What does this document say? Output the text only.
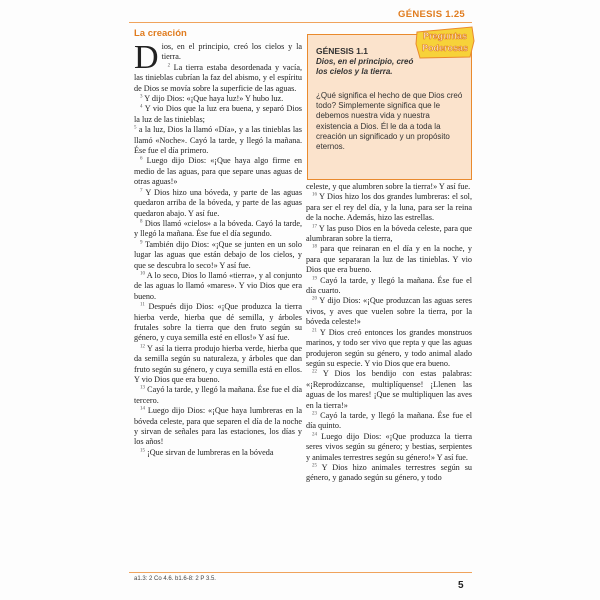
GÉNESIS 1.25
La creación
GÉNESIS 1.1
Dios, en el principio, creó los cielos y la tierra.
¿Qué significa el hecho de que Dios creó todo? Simplemente significa que le debemos nuestra vida y nuestra existencia a Dios. Él le da a toda la creación un significado y un propósito eternos.
Preguntas
Poderosas

Dios, en el principio, creó los cielos y la tierra.

$^2$ La tierra estaba desordenada y vacía, las tinieblas cubrían la faz del abismo, y el espíritu de Dios se movía sobre la superficie de las aguas.

$^3$ Y dijo Dios: «¡Que haya luz!» Y hubo luz.

$^4$ Y vio Dios que la luz era buena, y separó Dios la luz de las tinieblas;

$^5$ a la luz, Dios la llamó «Día», y a las tinieblas las llamó «Noche». Cayó la tarde, y llegó la mañana. Ése fue el día primero.

$^6$ Luego dijo Dios: «¡Que haya algo firme en medio de las aguas, para que separe unas aguas de otras aguas!»

$^7$ Y Dios hizo una bóveda, y parte de las aguas quedaron arriba de la bóveda, y parte de las aguas quedaron abajo. Y así fue.

$^8$ Dios llamó «cielos» a la bóveda. Cayó la tarde, y llegó la mañana. Ése fue el día segundo.

$^9$ También dijo Dios: «¡Que se junten en un solo lugar las aguas que están debajo de los cielos, y que se descubra lo seco!» Y así fue.

$^{10}$ A lo seco, Dios lo llamó «tierra», y al conjunto de las aguas lo llamó «mares». Y vio Dios que era bueno.

$^{11}$ Después dijo Dios: «¡Que produzca la tierra hierba verde, hierba que dé semilla, y árboles frutales sobre la tierra que den fruto según su género, y cuya semilla esté en ellos!» Y así fue.

$^{12}$ Y así la tierra produjo hierba verde, hierba que da semilla según su naturaleza, y árboles que dan fruto según su género, y cuya semilla está en ellos. Y vio Dios que era bueno.

$^{13}$ Cayó la tarde, y llegó la mañana. Ése fue el día tercero.

$^{14}$ Luego dijo Dios: «¡Que haya lumbreras en la bóveda celeste, para que separen el día de la noche y sirvan de señales para las estaciones, los días y los años!

$^{15}$ ¡Que sirvan de lumbreras en la bóveda

celeste, y que alumbren sobre la tierra!» Y así fue.

$^{16}$ Y Dios hizo los dos grandes lumbreras: el sol, para ser el rey del día, y la luna, para ser la reina de la noche. Además, hizo las estrellas.

$^{17}$ Y las puso Dios en la bóveda celeste, para que alumbraran sobre la tierra,

$^{18}$ para que reinaran en el día y en la noche, y para que separaran la luz de las tinieblas. Y vio Dios que era bueno.

$^{19}$ Cayó la tarde, y llegó la mañana. Ése fue el día cuarto.

$^{20}$ Y dijo Dios: «¡Que produzcan las aguas seres vivos, y aves que vuelen sobre la tierra, por la bóveda celeste!»

$^{21}$ Y Dios creó entonces los grandes monstruos marinos, y todo ser vivo que repta y que las aguas produjeron según su género, y todo animal alado según su especie. Y vio Dios que era bueno.

$^{22}$ Y Dios los bendijo con estas palabras: «¡Reprodúzcanse, multiplíquense! ¡Llenen las aguas de los mares! ¡Que se multipliquen las aves en la tierra!»

$^{23}$ Cayó la tarde, y llegó la mañana. Ése fue el día quinto.

$^{24}$ Luego dijo Dios: «¡Que produzca la tierra seres vivos según su género; y bestias, serpientes y animales terrestres según su género!» Y así fue.

$^{25}$ Y Dios hizo animales terrestres según su género, y ganado según su género, y todo

a1.3: 2 Co 4.6. b1.6-8: 2 P 3.5.
5
